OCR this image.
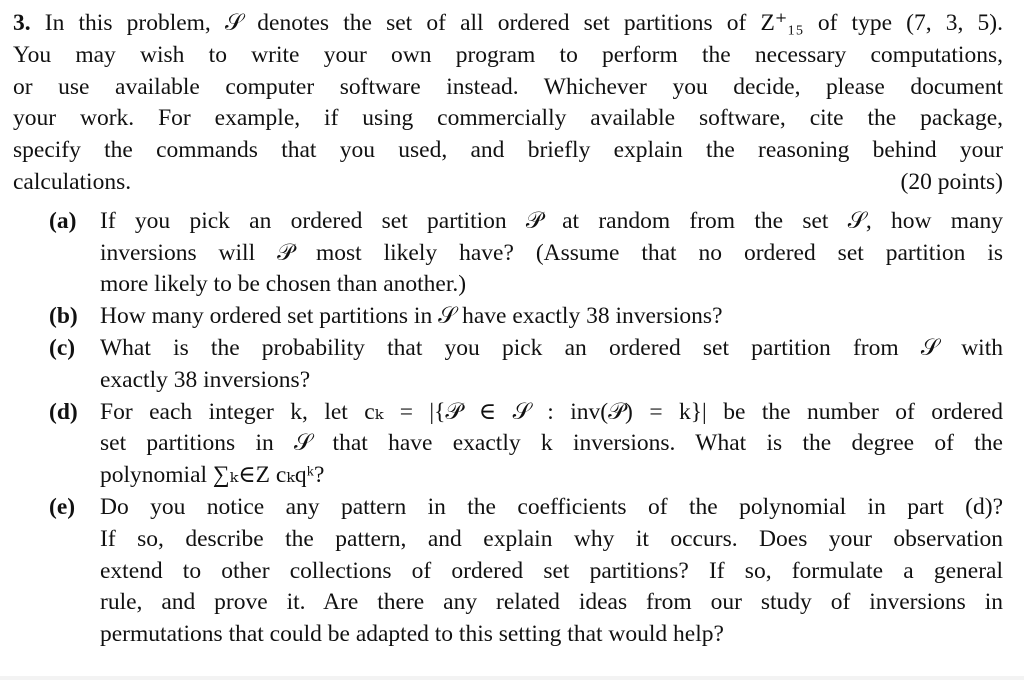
3. In this problem, 𝒮 denotes the set of all ordered set partitions of Z⁺₁₅ of type (7, 3, 5).
You may wish to write your own program to perform the necessary computations,
or use available computer software instead. Whichever you decide, please document
your work. For example, if using commercially available software, cite the package,
specify the commands that you used, and briefly explain the reasoning behind your
calculations.	(20 points)
(a)	If you pick an ordered set partition 𝒫 at random from the set 𝒮, how many
inversions will 𝒫 most likely have? (Assume that no ordered set partition is
more likely to be chosen than another.)
(b) How many ordered set partitions in 𝒮 have exactly 38 inversions?
(c)	What is the probability that you pick an ordered set partition from 𝒮 with
exactly 38 inversions?
(d) For each integer k, let cₖ = |{𝒫 ∈ 𝒮 : inv(𝒫) = k}| be the number of ordered
set partitions in 𝒮 that have exactly k inversions. What is the degree of the
polynomial ∑ₖ∈Z cₖqᵏ?
(e)	Do you notice any pattern in the coefficients of the polynomial in part (d)?
If so, describe the pattern, and explain why it occurs. Does your observation
extend to other collections of ordered set partitions? If so, formulate a general
rule, and prove it. Are there any related ideas from our study of inversions in
permutations that could be adapted to this setting that would help?
